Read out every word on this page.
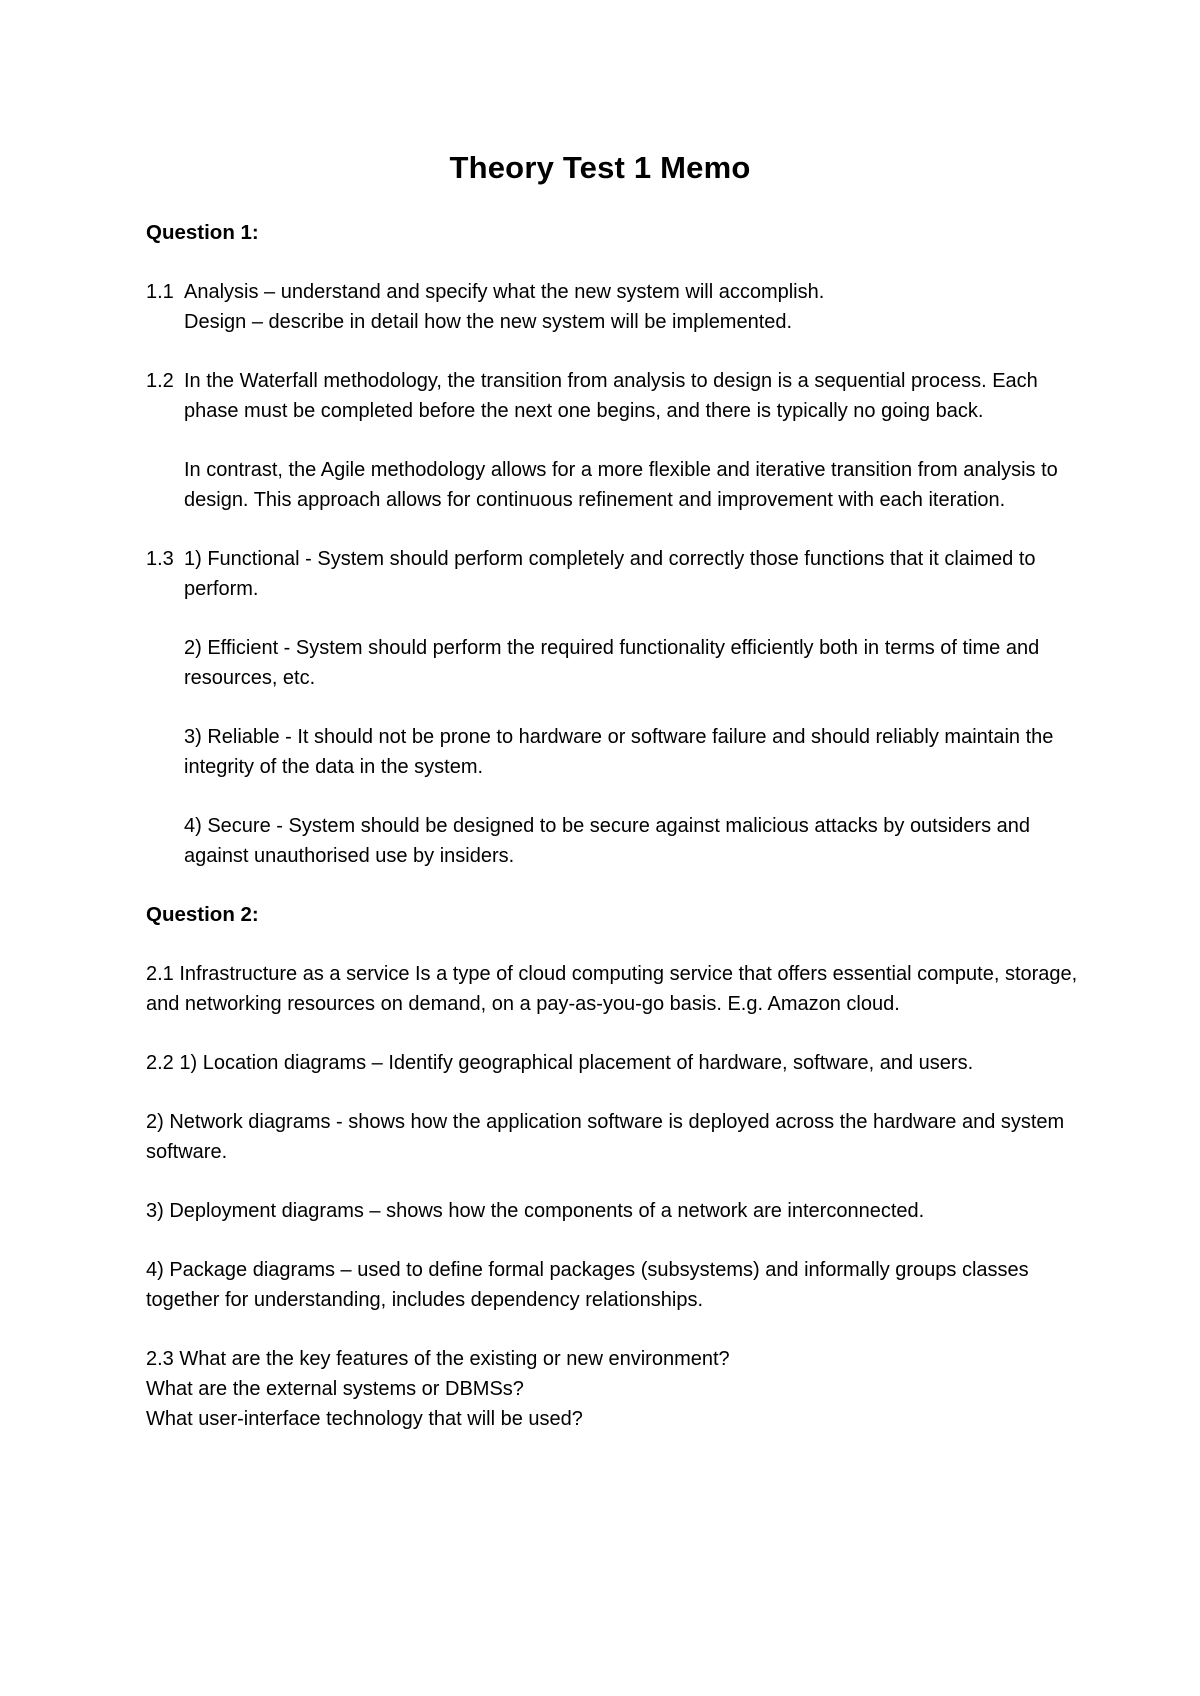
Theory Test 1 Memo
Question 1:
1.1 Analysis – understand and specify what the new system will accomplish.
Design – describe in detail how the new system will be implemented.
1.2 In the Waterfall methodology, the transition from analysis to design is a sequential process. Each phase must be completed before the next one begins, and there is typically no going back.
In contrast, the Agile methodology allows for a more flexible and iterative transition from analysis to design. This approach allows for continuous refinement and improvement with each iteration.
1.3 1) Functional - System should perform completely and correctly those functions that it claimed to perform.
2) Efficient - System should perform the required functionality efficiently both in terms of time and resources, etc.
3) Reliable - It should not be prone to hardware or software failure and should reliably maintain the integrity of the data in the system.
4) Secure - System should be designed to be secure against malicious attacks by outsiders and against unauthorised use by insiders.
Question 2:
2.1 Infrastructure as a service Is a type of cloud computing service that offers essential compute, storage, and networking resources on demand, on a pay-as-you-go basis. E.g. Amazon cloud.
2.2 1) Location diagrams – Identify geographical placement of hardware, software, and users.
2) Network diagrams - shows how the application software is deployed across the hardware and system software.
3) Deployment diagrams – shows how the components of a network are interconnected.
4) Package diagrams – used to define formal packages (subsystems) and informally groups classes together for understanding, includes dependency relationships.
2.3 What are the key features of the existing or new environment?
What are the external systems or DBMSs?
What user-interface technology that will be used?
